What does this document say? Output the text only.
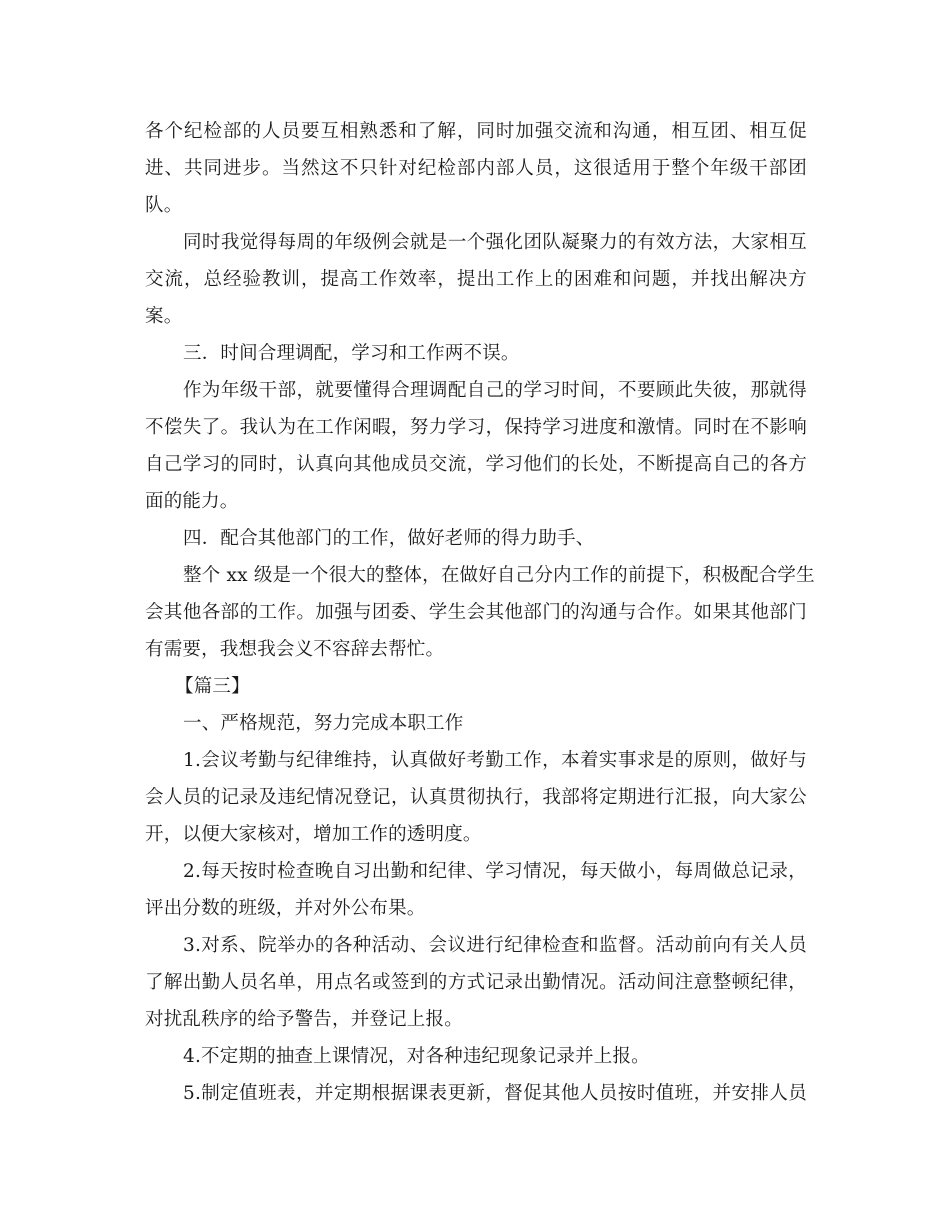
各个纪检部的人员要互相熟悉和了解，同时加强交流和沟通，相互团、相互促
进、共同进步。当然这不只针对纪检部内部人员，这很适用于整个年级干部团
队。
同时我觉得每周的年级例会就是一个强化团队凝聚力的有效方法，大家相互
交流，总经验教训，提高工作效率，提出工作上的困难和问题，并找出解决方
案。
三．时间合理调配，学习和工作两不误。
作为年级干部，就要懂得合理调配自己的学习时间，不要顾此失彼，那就得
不偿失了。我认为在工作闲暇，努力学习，保持学习进度和激情。同时在不影响
自己学习的同时，认真向其他成员交流，学习他们的长处，不断提高自己的各方
面的能力。
四．配合其他部门的工作，做好老师的得力助手、
整个 xx 级是一个很大的整体，在做好自己分内工作的前提下，积极配合学生
会其他各部的工作。加强与团委、学生会其他部门的沟通与合作。如果其他部门
有需要，我想我会义不容辞去帮忙。
【篇三】
一、严格规范，努力完成本职工作
1.会议考勤与纪律维持，认真做好考勤工作，本着实事求是的原则，做好与
会人员的记录及违纪情况登记，认真贯彻执行，我部将定期进行汇报，向大家公
开，以便大家核对，增加工作的透明度。
2.每天按时检查晚自习出勤和纪律、学习情况，每天做小，每周做总记录，
评出分数的班级，并对外公布果。
3.对系、院举办的各种活动、会议进行纪律检查和监督。活动前向有关人员
了解出勤人员名单，用点名或签到的方式记录出勤情况。活动间注意整顿纪律，
对扰乱秩序的给予警告，并登记上报。
4.不定期的抽查上课情况，对各种违纪现象记录并上报。
5.制定值班表，并定期根据课表更新，督促其他人员按时值班，并安排人员
